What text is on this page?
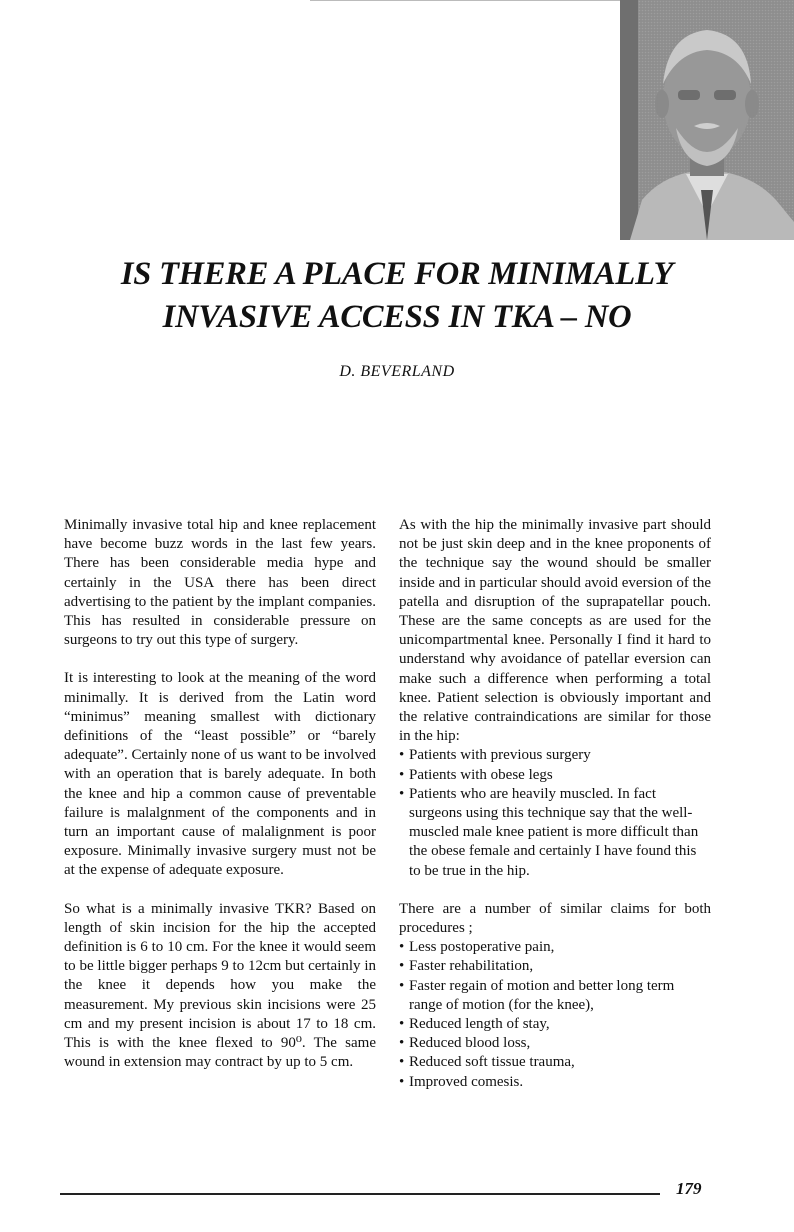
IS THERE A PLACE FOR MINIMALLY
INVASIVE ACCESS IN TKA – NO

D. BEVERLAND

Minimally invasive total hip and knee replacement have become buzz words in the last few years. There has been considerable media hype and certainly in the USA there has been direct advertising to the patient by the implant companies. This has resulted in considerable pressure on surgeons to try out this type of surgery.

It is interesting to look at the meaning of the word minimally. It is derived from the Latin word “minimus” meaning smallest with dictionary definitions of the “least possible” or “barely adequate”. Certainly none of us want to be involved with an operation that is barely adequate. In both the knee and hip a common cause of preventable failure is malalgnment of the components and in turn an important cause of malalignment is poor exposure. Minimally invasive surgery must not be at the expense of adequate exposure.

So what is a minimally invasive TKR? Based on length of skin incision for the hip the accepted definition is 6 to 10 cm. For the knee it would seem to be little bigger perhaps 9 to 12cm but certainly in the knee it depends how you make the measurement. My previous skin incisions were 25 cm and my present incision is about 17 to 18 cm. This is with the knee flexed to 90⁰. The same wound in extension may contract by up to 5 cm.

As with the hip the minimally invasive part should not be just skin deep and in the knee proponents of the technique say the wound should be smaller inside and in particular should avoid eversion of the patella and disruption of the suprapatellar pouch. These are the same concepts as are used for the unicompartmental knee. Personally I find it hard to understand why avoidance of patellar eversion can make such a difference when performing a total knee. Patient selection is obviously important and the relative contraindications are similar for those in the hip:

• Patients with previous surgery
• Patients with obese legs
• Patients who are heavily muscled. In fact surgeons using this technique say that the well-muscled male knee patient is more difficult than the obese female and certainly I have found this to be true in the hip.

There are a number of similar claims for both procedures ;

• Less postoperative pain,
• Faster rehabilitation,
• Faster regain of motion and better long term range of motion (for the knee),
• Reduced length of stay,
• Reduced blood loss,
• Reduced soft tissue trauma,
• Improved comesis.
179
